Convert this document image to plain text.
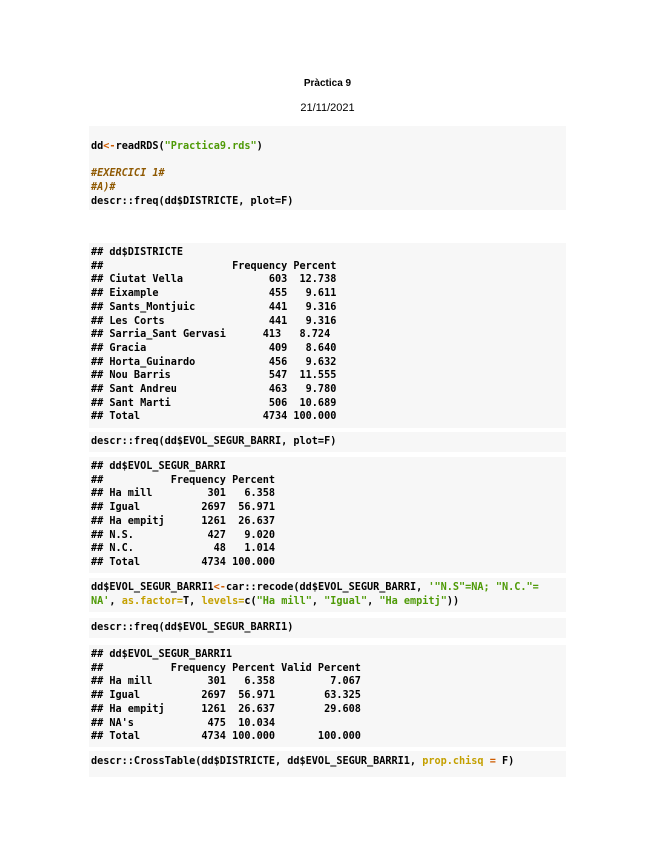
Pràctica 9
21/11/2021
dd<-readRDS("Practica9.rds")

#EXERCICI 1#
#A)#
descr::freq(dd$DISTRICTE, plot=F)
## dd$DISTRICTE
##                     Frequency Percent
## Ciutat Vella              603  12.738
## Eixample                  455   9.611
## Sants_Montjuic            441   9.316
## Les Corts                 441   9.316
## Sarria_Sant Gervasi      413   8.724
## Gracia                    409   8.640
## Horta_Guinardo            456   9.632
## Nou Barris                547  11.555
## Sant Andreu               463   9.780
## Sant Marti                506  10.689
## Total                    4734 100.000
descr::freq(dd$EVOL_SEGUR_BARRI, plot=F)
## dd$EVOL_SEGUR_BARRI
##           Frequency Percent
## Ha mill         301   6.358
## Igual          2697  56.971
## Ha empitj      1261  26.637
## N.S.            427   9.020
## N.C.             48   1.014
## Total          4734 100.000
dd$EVOL_SEGUR_BARRI1<-car::recode(dd$EVOL_SEGUR_BARRI, '"N.S"=NA; "N.C."=
NA', as.factor=T, levels=c("Ha mill", "Igual", "Ha empitj"))
descr::freq(dd$EVOL_SEGUR_BARRI1)
## dd$EVOL_SEGUR_BARRI1
##           Frequency Percent Valid Percent
## Ha mill         301   6.358         7.067
## Igual          2697  56.971        63.325
## Ha empitj      1261  26.637        29.608
## NA's            475  10.034
## Total          4734 100.000       100.000
descr::CrossTable(dd$DISTRICTE, dd$EVOL_SEGUR_BARRI1, prop.chisq = F)
